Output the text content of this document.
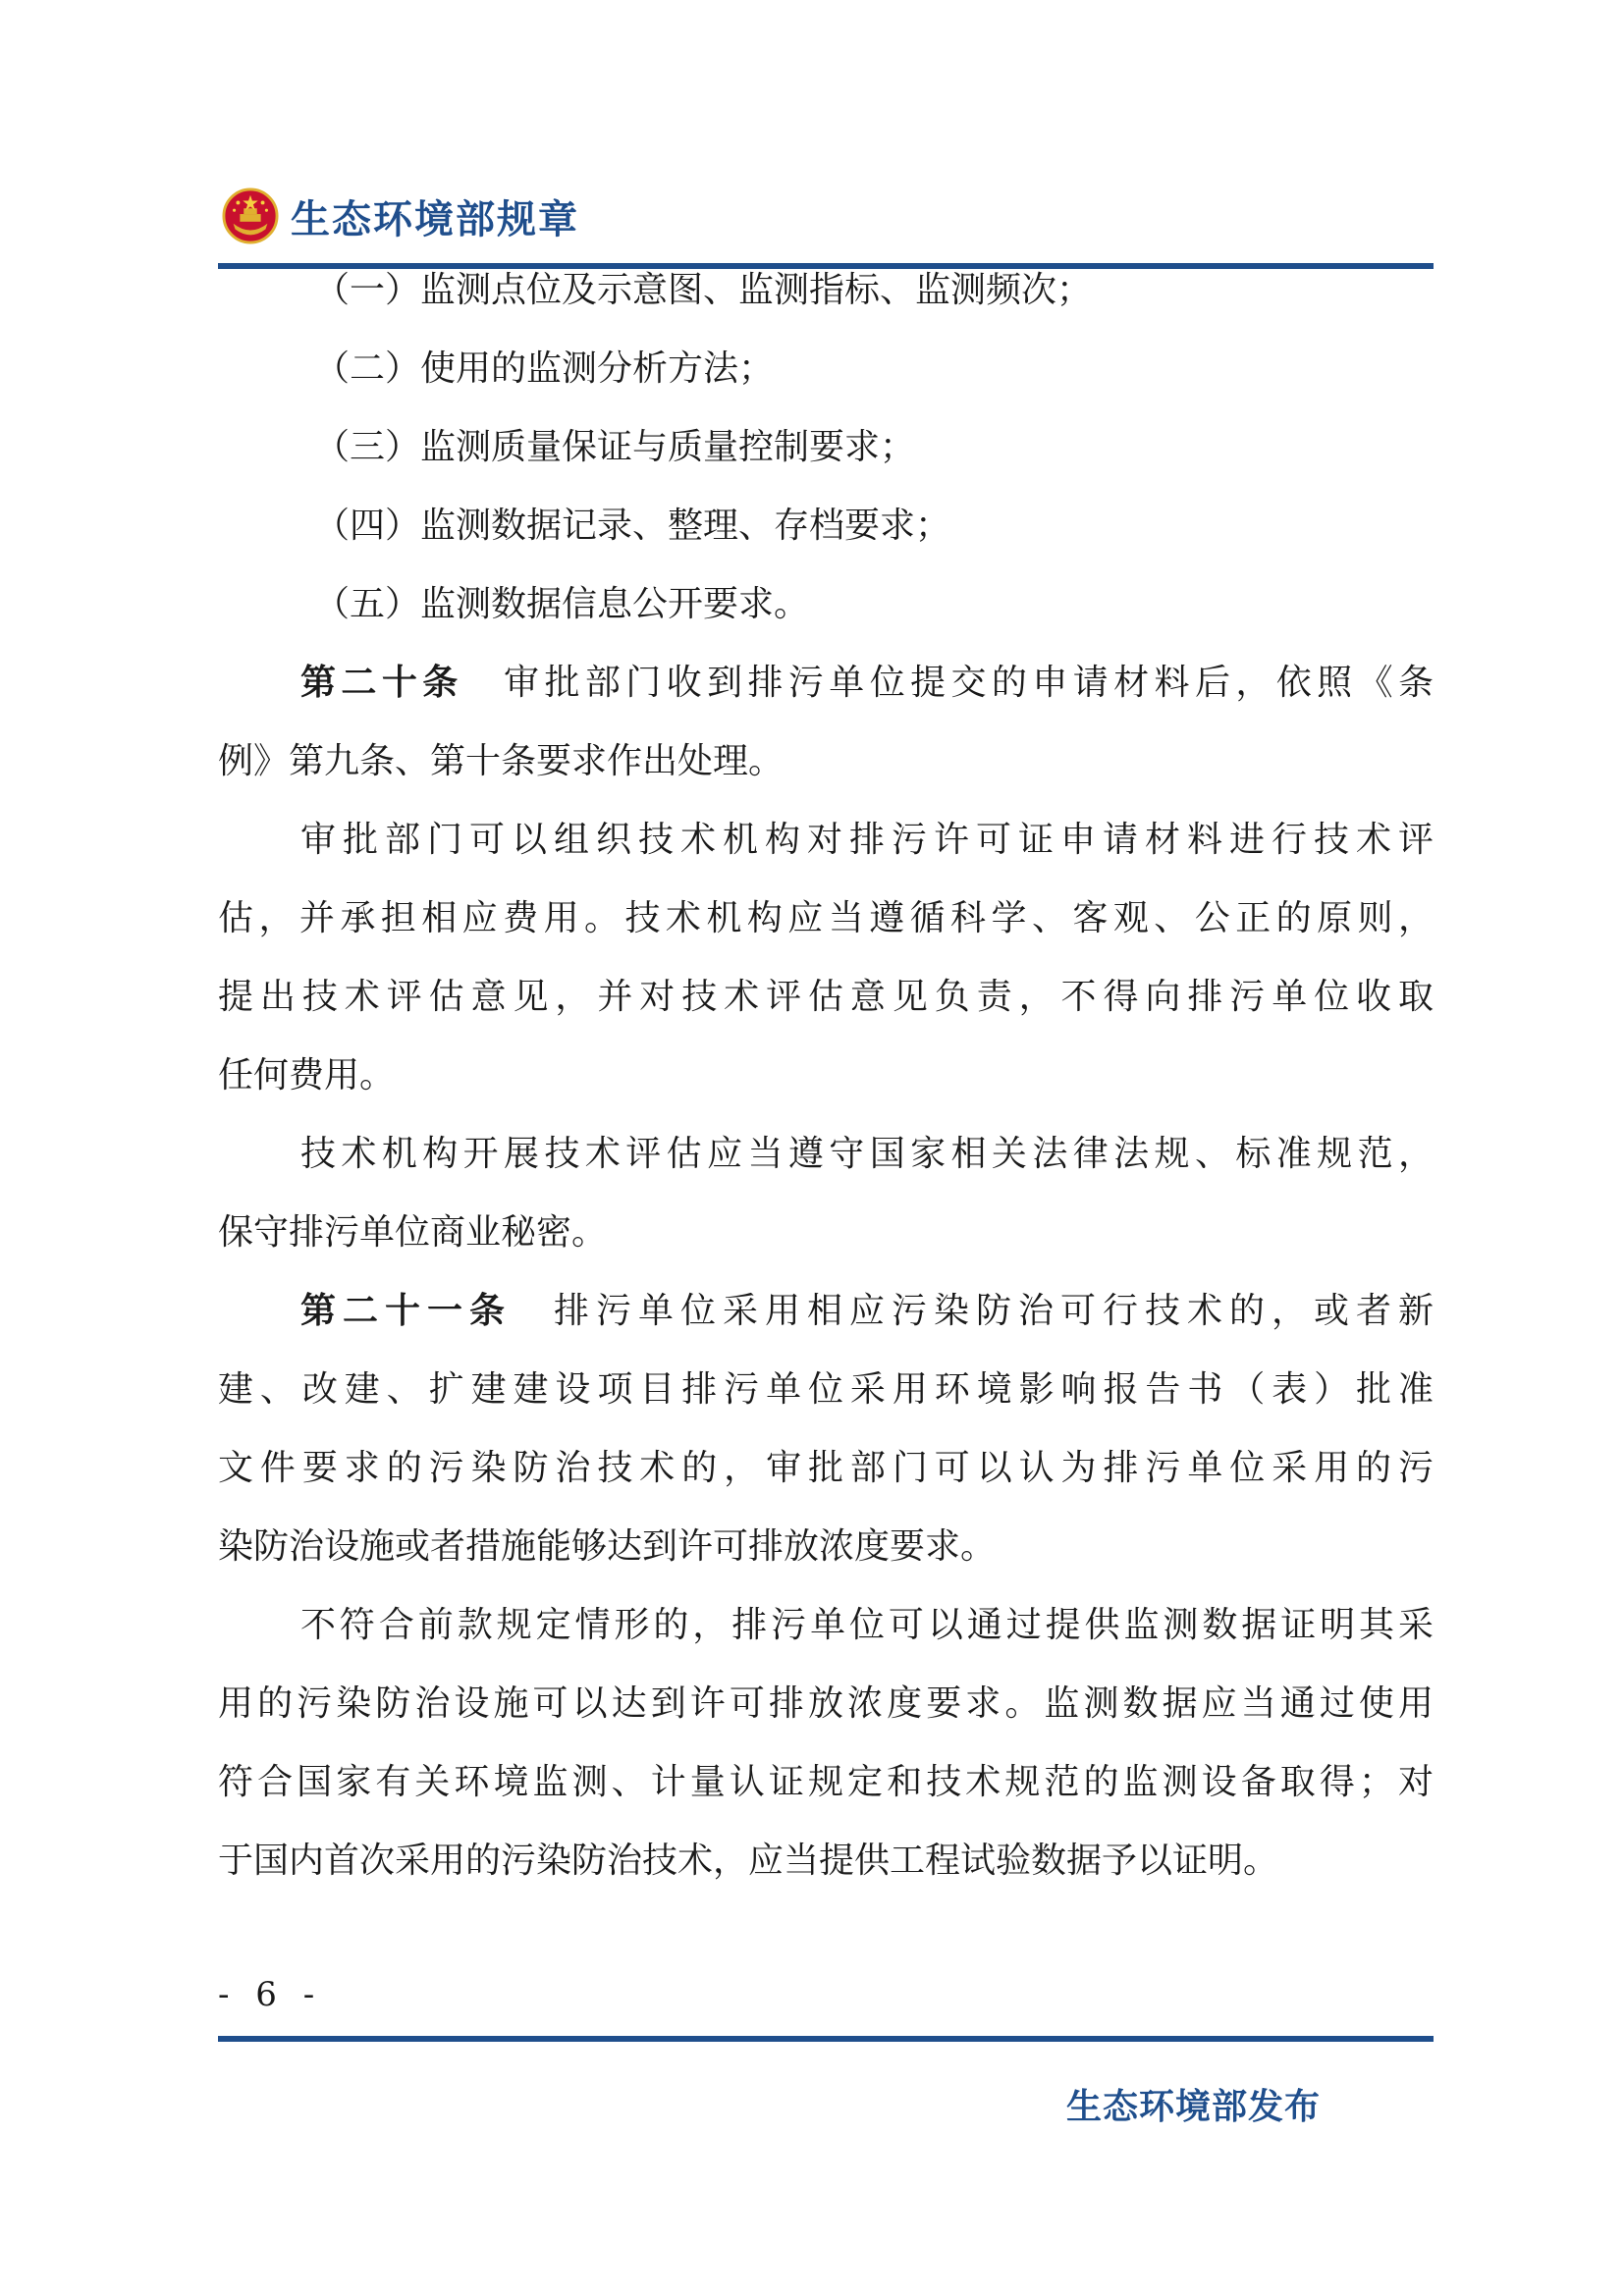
生态环境部规章
（一）监测点位及示意图、监测指标、监测频次；
（二）使用的监测分析方法；
（三）监测质量保证与质量控制要求；
（四）监测数据记录、整理、存档要求；
（五）监测数据信息公开要求。
第二十条 审批部门收到排污单位提交的申请材料后，依照《条
例》第九条、第十条要求作出处理。
审批部门可以组织技术机构对排污许可证申请材料进行技术评
估，并承担相应费用。技术机构应当遵循科学、客观、公正的原则，
提出技术评估意见，并对技术评估意见负责，不得向排污单位收取
任何费用。
技术机构开展技术评估应当遵守国家相关法律法规、标准规范，
保守排污单位商业秘密。
第二十一条 排污单位采用相应污染防治可行技术的，或者新
建、改建、扩建建设项目排污单位采用环境影响报告书（表）批准
文件要求的污染防治技术的，审批部门可以认为排污单位采用的污
染防治设施或者措施能够达到许可排放浓度要求。
不符合前款规定情形的，排污单位可以通过提供监测数据证明其采
用的污染防治设施可以达到许可排放浓度要求。监测数据应当通过使用
符合国家有关环境监测、计量认证规定和技术规范的监测设备取得；对
于国内首次采用的污染防治技术，应当提供工程试验数据予以证明。
- 6 -
生态环境部发布
